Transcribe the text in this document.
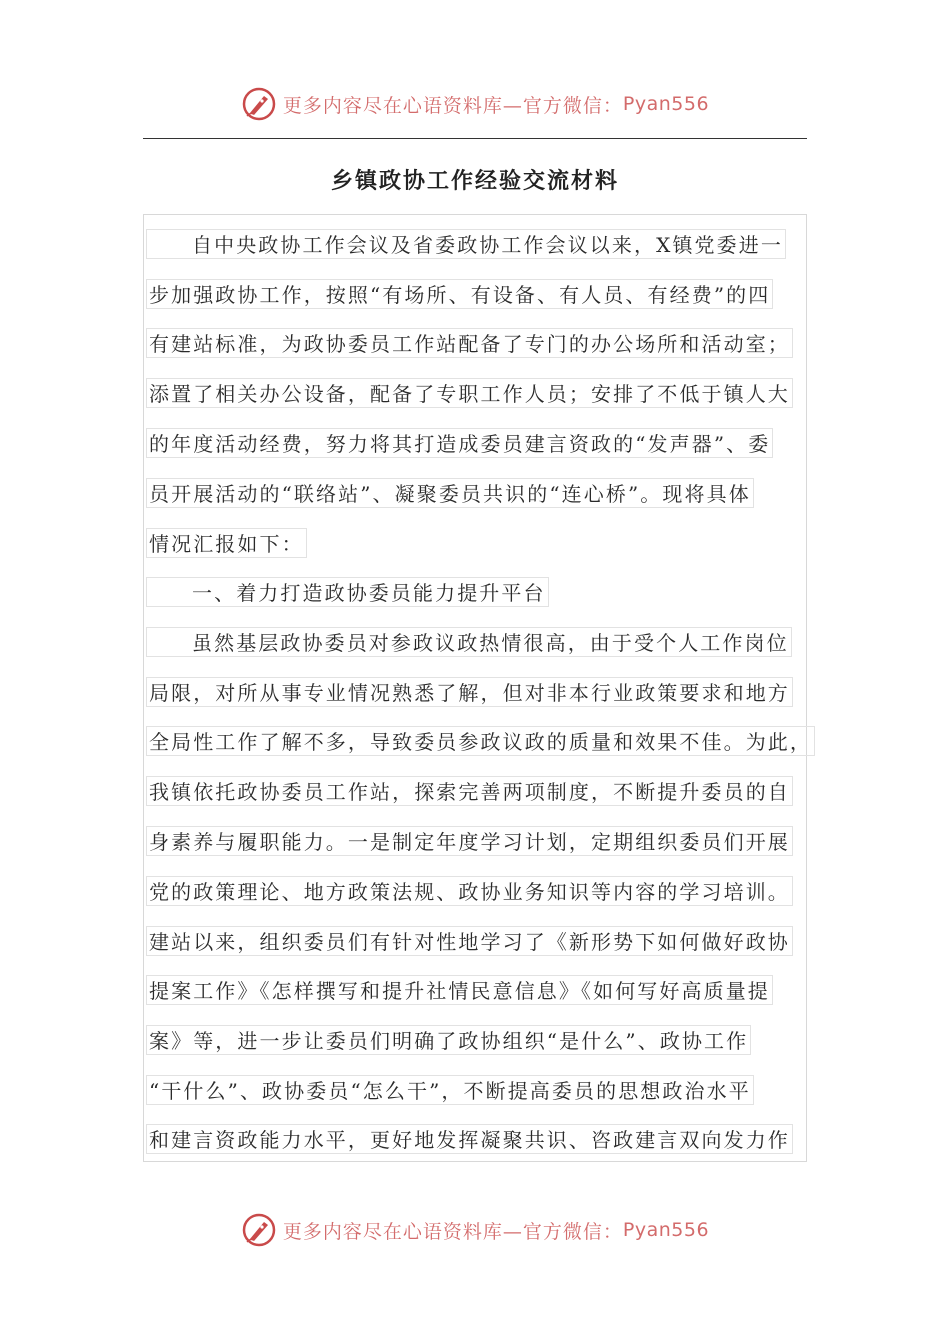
更多内容尽在心语资料库—官方微信： Pyan556
乡镇政协工作经验交流材料
自中央政协工作会议及省委政协工作会议以来，X镇党委进一
步加强政协工作，按照“有场所、有设备、有人员、有经费”的四
有建站标准，为政协委员工作站配备了专门的办公场所和活动室；
添置了相关办公设备，配备了专职工作人员；安排了不低于镇人大
的年度活动经费，努力将其打造成委员建言资政的“发声器”、委
员开展活动的“联络站”、凝聚委员共识的“连心桥”。现将具体
情况汇报如下：
一、着力打造政协委员能力提升平台
虽然基层政协委员对参政议政热情很高，由于受个人工作岗位
局限，对所从事专业情况熟悉了解，但对非本行业政策要求和地方
全局性工作了解不多，导致委员参政议政的质量和效果不佳。为此，
我镇依托政协委员工作站，探索完善两项制度，不断提升委员的自
身素养与履职能力。一是制定年度学习计划，定期组织委员们开展
党的政策理论、地方政策法规、政协业务知识等内容的学习培训。
建站以来，组织委员们有针对性地学习了《新形势下如何做好政协
提案工作》《怎样撰写和提升社情民意信息》《如何写好高质量提
案》等，进一步让委员们明确了政协组织“是什么”、政协工作
“干什么”、政协委员“怎么干”，不断提高委员的思想政治水平
和建言资政能力水平，更好地发挥凝聚共识、咨政建言双向发力作
更多内容尽在心语资料库—官方微信： Pyan556
